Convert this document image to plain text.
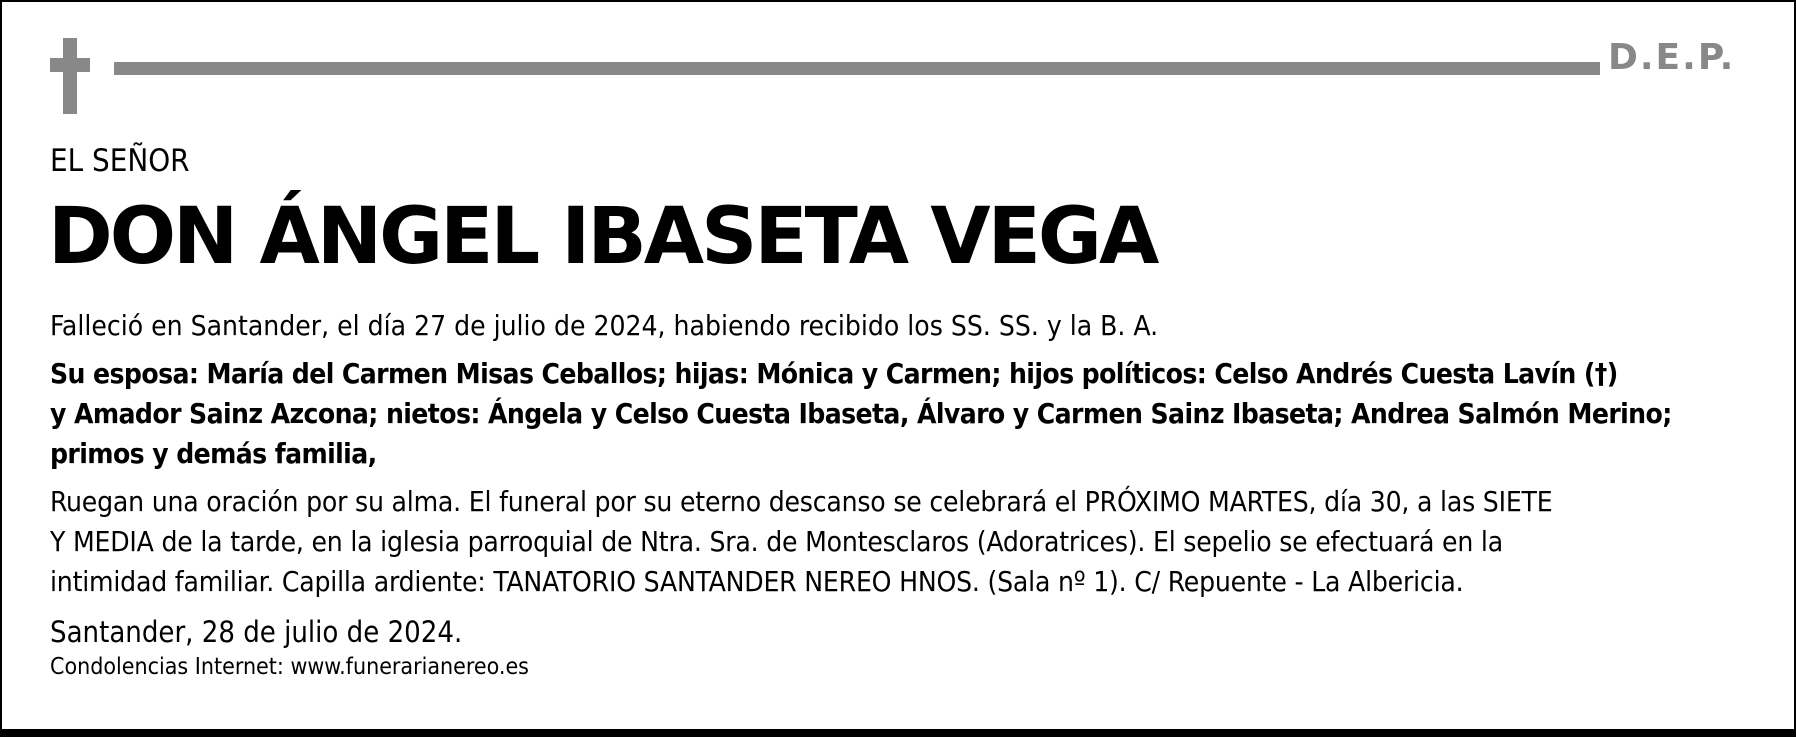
D.E.P.
EL SEÑOR
DON ÁNGEL IBASETA VEGA
Falleció en Santander, el día 27 de julio de 2024, habiendo recibido los SS. SS. y la B. A.
Su esposa: María del Carmen Misas Ceballos; hijas: Mónica y Carmen; hijos políticos: Celso Andrés Cuesta Lavín (†)
y Amador Sainz Azcona; nietos: Ángela y Celso Cuesta Ibaseta, Álvaro y Carmen Sainz Ibaseta; Andrea Salmón Merino;
primos y demás familia,
Ruegan una oración por su alma. El funeral por su eterno descanso se celebrará el PRÓXIMO MARTES, día 30, a las SIETE
Y MEDIA de la tarde, en la iglesia parroquial de Ntra. Sra. de Montesclaros (Adoratrices). El sepelio se efectuará en la
intimidad familiar. Capilla ardiente: TANATORIO SANTANDER NEREO HNOS. (Sala nº 1). C/ Repuente - La Albericia.
Santander, 28 de julio de 2024.
Condolencias Internet: www.funerarianereo.es
